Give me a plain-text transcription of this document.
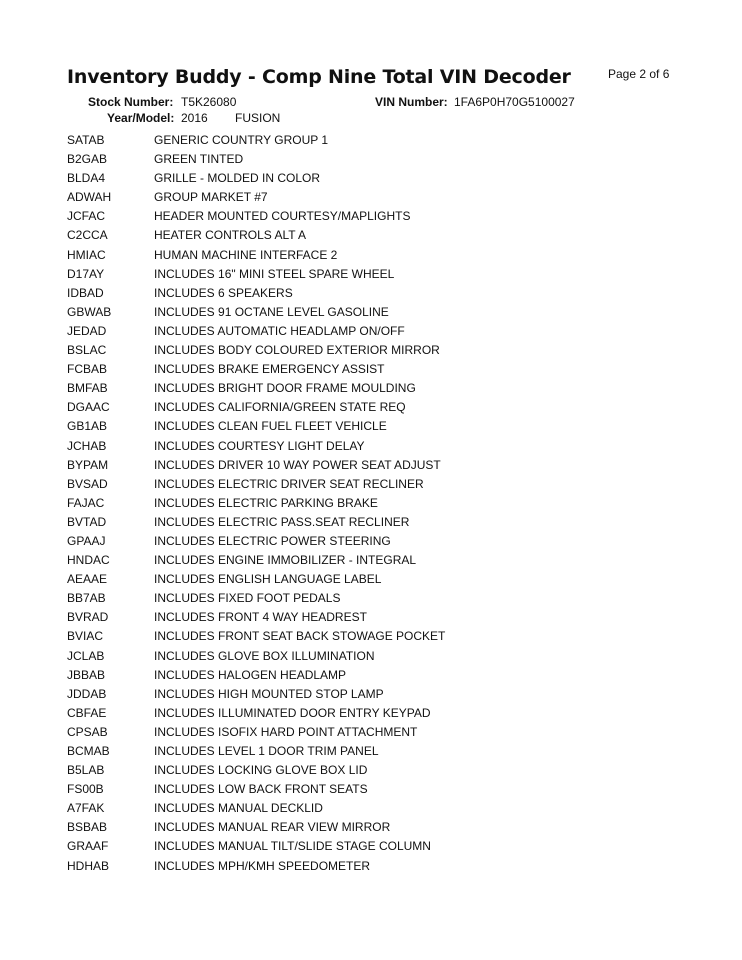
Inventory Buddy - Comp Nine Total VIN Decoder	Page 2 of 6
Stock Number: T5K26080	VIN Number: 1FA6P0H70G5100027
Year/Model: 2016 FUSION
SATAB	GENERIC COUNTRY GROUP 1
B2GAB	GREEN TINTED
BLDA4	GRILLE - MOLDED IN COLOR
ADWAH	GROUP MARKET #7
JCFAC	HEADER MOUNTED COURTESY/MAPLIGHTS
C2CCA	HEATER CONTROLS ALT A
HMIAC	HUMAN MACHINE INTERFACE 2
D17AY	INCLUDES 16" MINI STEEL SPARE WHEEL
IDBAD	INCLUDES 6 SPEAKERS
GBWAB	INCLUDES 91 OCTANE LEVEL GASOLINE
JEDAD	INCLUDES AUTOMATIC HEADLAMP ON/OFF
BSLAC	INCLUDES BODY COLOURED EXTERIOR MIRROR
FCBAB	INCLUDES BRAKE EMERGENCY ASSIST
BMFAB	INCLUDES BRIGHT DOOR FRAME MOULDING
DGAAC	INCLUDES CALIFORNIA/GREEN STATE REQ
GB1AB	INCLUDES CLEAN FUEL FLEET VEHICLE
JCHAB	INCLUDES COURTESY LIGHT DELAY
BYPAM	INCLUDES DRIVER 10 WAY POWER SEAT ADJUST
BVSAD	INCLUDES ELECTRIC DRIVER SEAT RECLINER
FAJAC	INCLUDES ELECTRIC PARKING BRAKE
BVTAD	INCLUDES ELECTRIC PASS.SEAT RECLINER
GPAAJ	INCLUDES ELECTRIC POWER STEERING
HNDAC	INCLUDES ENGINE IMMOBILIZER - INTEGRAL
AEAAE	INCLUDES ENGLISH LANGUAGE LABEL
BB7AB	INCLUDES FIXED FOOT PEDALS
BVRAD	INCLUDES FRONT 4 WAY HEADREST
BVIAC	INCLUDES FRONT SEAT BACK STOWAGE POCKET
JCLAB	INCLUDES GLOVE BOX ILLUMINATION
JBBAB	INCLUDES HALOGEN HEADLAMP
JDDAB	INCLUDES HIGH MOUNTED STOP LAMP
CBFAE	INCLUDES ILLUMINATED DOOR ENTRY KEYPAD
CPSAB	INCLUDES ISOFIX HARD POINT ATTACHMENT
BCMAB	INCLUDES LEVEL 1 DOOR TRIM PANEL
B5LAB	INCLUDES LOCKING GLOVE BOX LID
FS00B	INCLUDES LOW BACK FRONT SEATS
A7FAK	INCLUDES MANUAL DECKLID
BSBAB	INCLUDES MANUAL REAR VIEW MIRROR
GRAAF	INCLUDES MANUAL TILT/SLIDE STAGE COLUMN
HDHAB	INCLUDES MPH/KMH SPEEDOMETER
